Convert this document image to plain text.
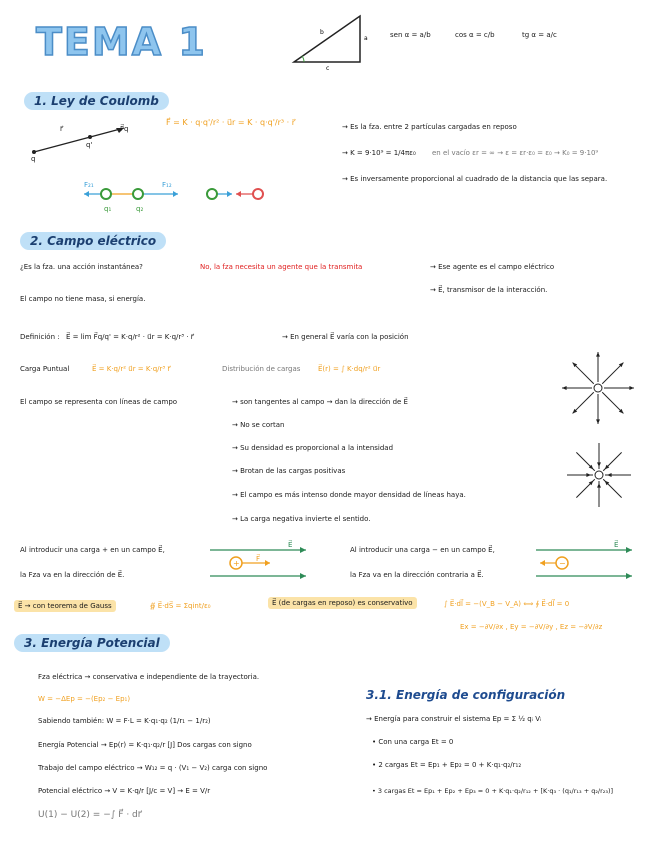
TEMA 1	b
a
c
sen α = a/b	cos α = c/b	tg α = a/c
1. Ley de Coulomb
r⃗
q
q'
F⃗q
F⃗ = K · q·q'/r² · u⃗r = K · q·q'/r³ · r⃗	→ Es la fza. entre 2 partículas cargadas en reposo
→ K = 9·10⁹ = 1/4πε₀ en el vacío εr = ∞ → ε = εr·ε₀ = ε₀ → K₀ = 9·10⁹
→ Es inversamente proporcional al cuadrado de la distancia que las separa.
F₂₁	F₁₂
q₁	q₂
2. Campo eléctrico
¿Es la fza. una acción instantánea?	No, la fza necesita un agente que la transmita	→ Ese agente es el campo eléctrico
→ E⃗, transmisor de la interacción.
El campo no tiene masa, si energía.
Definición : E⃗ = lim F⃗q/q' = K·q/r² · u⃗r = K·q/r³ · r⃗	→ En general E⃗ varía con la posición
Carga Puntual	E⃗ = K·q/r² u⃗r = K·q/r³ r⃗	Distribución de cargas	E⃗(r) = ∫ K·dq/r² u⃗r
El campo se representa con líneas de campo	→ son tangentes al campo → dan la dirección de E⃗
→ No se cortan
→ Su densidad es proporcional a la intensidad
→ Brotan de las cargas positivas
→ El campo es más intenso donde mayor densidad de líneas haya.
→ La carga negativa invierte el sentido.
Al introducir una carga + en un campo E⃗,
la Fza va en la dirección de E⃗.
+
E⃗
F⃗
Al introducir una carga − en un campo E⃗,
la Fza va en la dirección contraria a E⃗.
−
E⃗
E⃗ → con teorema de Gauss	∯ E⃗·dS⃗ = Σqint/ε₀	E⃗ (de cargas en reposo) es conservativo	∫ E⃗·dl⃗ = −(V_B − V_A) ⟺ ∮ E⃗·dl⃗ = 0
Ex = −∂V/∂x , Ey = −∂V/∂y , Ez = −∂V/∂z
3. Energía Potencial
Fza eléctrica → conservativa e independiente de la trayectoria.
W = −ΔEp = −(Ep₂ − Ep₁)
Sabiendo también: W = F·L = K·q₁·q₂ (1/r₁ − 1/r₂)
Energía Potencial → Ep(r) = K·q₁·q₂/r [J] Dos cargas con signo
Trabajo del campo eléctrico → W₁₂ = q · (V₁ − V₂) carga con signo
Potencial eléctrico → V = K·q/r [J/c = V] → E = V/r
U(1) − U(2) = −∫ F⃗ · dr⃗
3.1. Energía de configuración
→ Energía para construir el sistema Ep = Σ ½ qᵢ Vᵢ
• Con una carga Et = 0
• 2 cargas Et = Ep₁ + Ep₂ = 0 + K·q₁·q₂/r₁₂
• 3 cargas Et = Ep₁ + Ep₂ + Ep₃ = 0 + K·q₁·q₂/r₁₂ + [K·q₃ · (q₁/r₁₃ + q₂/r₂₃)]
